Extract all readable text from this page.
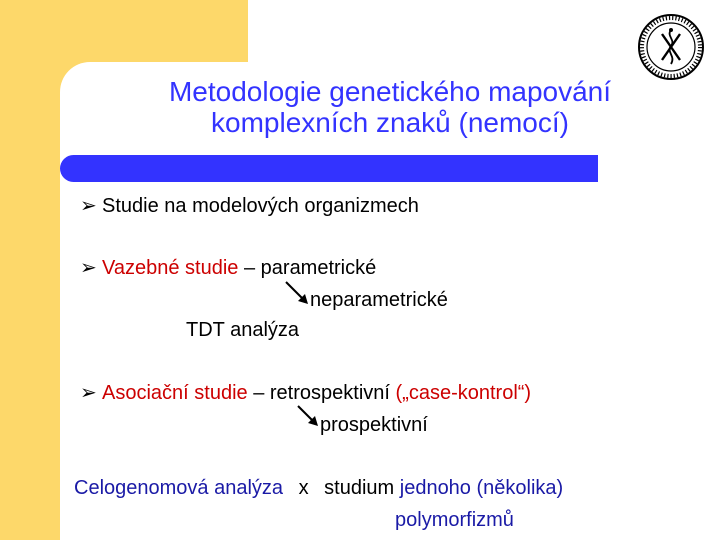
Metodologie genetického mapování
komplexních znaků (nemocí)
➢ Studie na modelových organizmech
➢ Vazebné studie – parametrické
neparametrické
TDT analýza
➢ Asociační studie – retrospektivní („case-kontrol“)
prospektivní
Celogenomová analýza x studium jednoho (několika)
polymorfizmů
